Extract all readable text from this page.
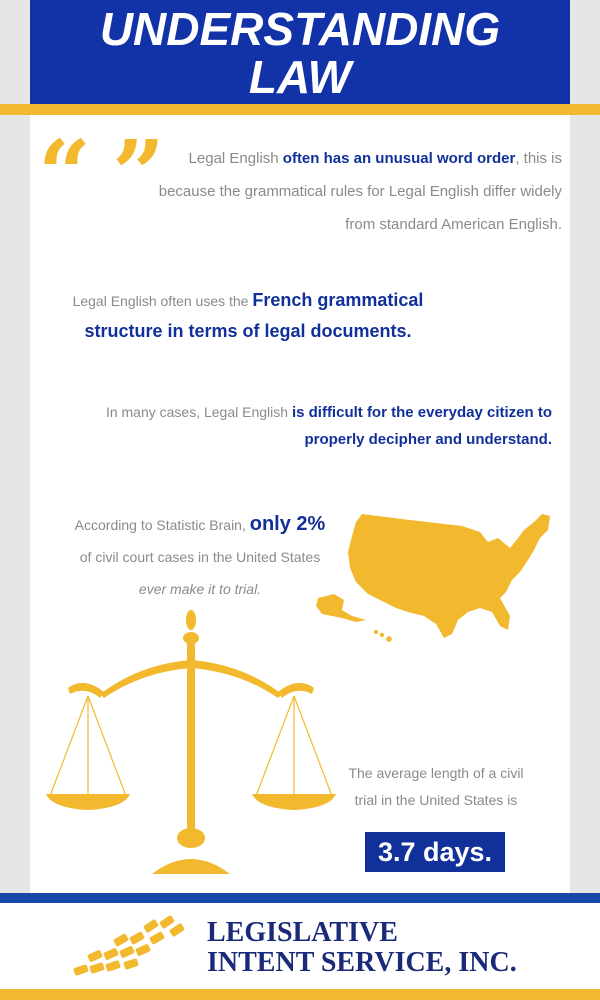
UNDERSTANDING
LAW
“ ”	Legal English often has an unusual word order, this is because the grammatical rules for Legal English differ widely from standard American English.
Legal English often uses the French grammatical structure in terms of legal documents.
In many cases, Legal English is difficult for the everyday citizen to properly decipher and understand.
According to Statistic Brain, only 2%
of civil court cases in the United States
ever make it to trial.
The average length of a civil trial in the United States is
3.7 days.
LEGISLATIVE
INTENT SERVICE, INC.
